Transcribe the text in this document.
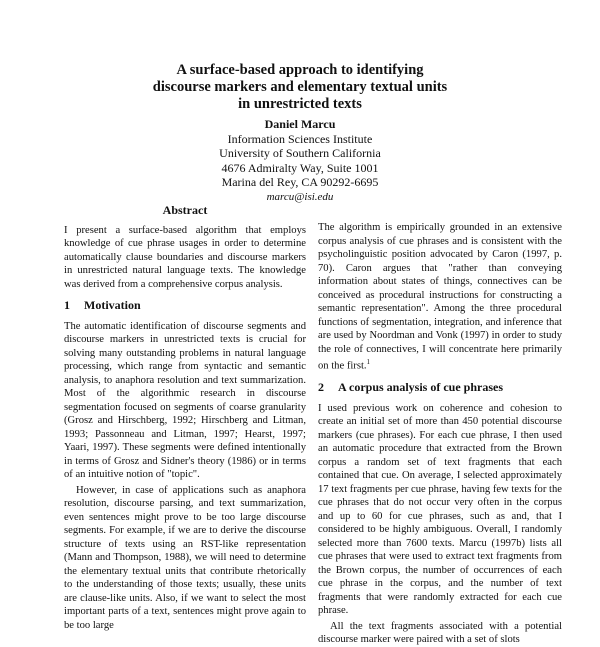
A surface-based approach to identifying
discourse markers and elementary textual units
in unrestricted texts
Daniel Marcu
Information Sciences Institute
University of Southern California
4676 Admiralty Way, Suite 1001
Marina del Rey, CA 90292-6695
marcu@isi.edu
Abstract

I present a surface-based algorithm that employs knowledge of cue phrase usages in order to determine automatically clause boundaries and discourse markers in unrestricted natural language texts. The knowledge was derived from a comprehensive corpus analysis.

1 Motivation

The automatic identification of discourse segments and discourse markers in unrestricted texts is crucial for solving many outstanding problems in natural language processing, which range from syntactic and semantic analysis, to anaphora resolution and text summarization. Most of the algorithmic research in discourse segmentation focused on segments of coarse granularity (Grosz and Hirschberg, 1992; Hirschberg and Litman, 1993; Passonneau and Litman, 1997; Hearst, 1997; Yaari, 1997). These segments were defined intentionally in terms of Grosz and Sidner's theory (1986) or in terms of an intuitive notion of "topic".

However, in case of applications such as anaphora resolution, discourse parsing, and text summarization, even sentences might prove to be too large discourse segments. For example, if we are to derive the discourse structure of texts using an RST-like representation (Mann and Thompson, 1988), we will need to determine the elementary textual units that contribute rhetorically to the understanding of those texts; usually, these units are clause-like units. Also, if we want to select the most important parts of a text, sentences might prove again to be too large

The algorithm is empirically grounded in an extensive corpus analysis of cue phrases and is consistent with the psycholinguistic position advocated by Caron (1997, p. 70). Caron argues that "rather than conveying information about states of things, connectives can be conceived as procedural instructions for constructing a semantic representation". Among the three procedural functions of segmentation, integration, and inference that are used by Noordman and Vonk (1997) in order to study the role of connectives, I will concentrate here primarily on the first.$^1$

2 A corpus analysis of cue phrases

I used previous work on coherence and cohesion to create an initial set of more than 450 potential discourse markers (cue phrases). For each cue phrase, I then used an automatic procedure that extracted from the Brown corpus a random set of text fragments that each contained that cue. On average, I selected approximately 17 text fragments per cue phrase, having few texts for the cue phrases that do not occur very often in the corpus and up to 60 for cue phrases, such as and, that I considered to be highly ambiguous. Overall, I randomly selected more than 7600 texts. Marcu (1997b) lists all cue phrases that were used to extract text fragments from the Brown corpus, the number of occurrences of each cue phrase in the corpus, and the number of text fragments that were randomly extracted for each cue phrase.

All the text fragments associated with a potential discourse marker were paired with a set of slots
